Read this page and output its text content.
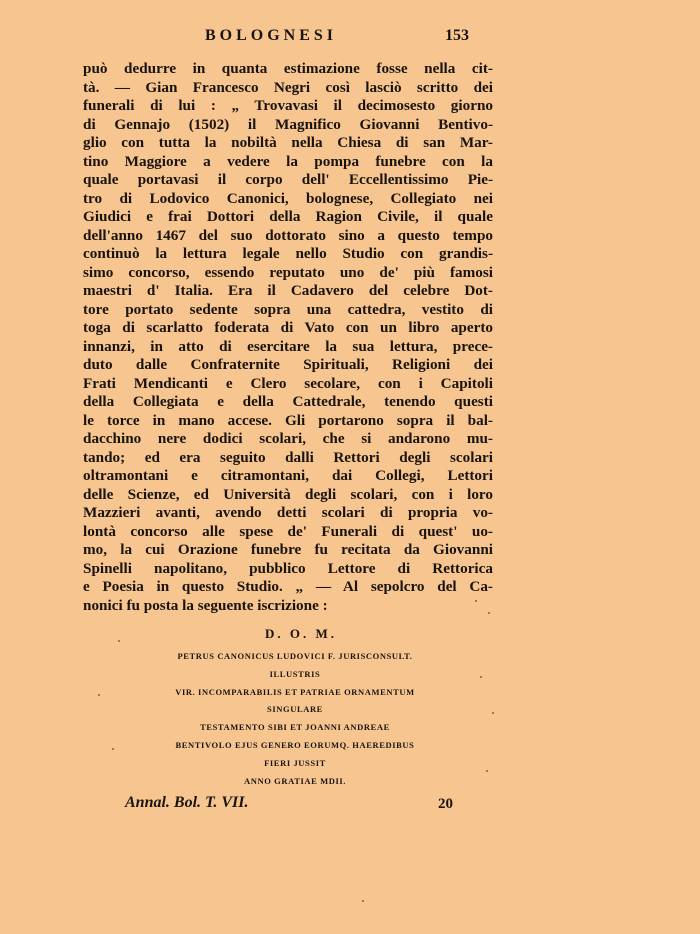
BOLOGNESI	153
può dedurre in quanta estimazione fosse nella cit-
tà. — Gian Francesco Negri così lasciò scritto dei
funerali di lui : „ Trovavasi il decimosesto giorno
di Gennajo (1502) il Magnifico Giovanni Bentivo-
glio con tutta la nobiltà nella Chiesa di san Mar-
tino Maggiore a vedere la pompa funebre con la
quale portavasi il corpo dell' Eccellentissimo Pie-
tro di Lodovico Canonici, bolognese, Collegiato nei
Giudici e frai Dottori della Ragion Civile, il quale
dell'anno 1467 del suo dottorato sino a questo tempo
continuò la lettura legale nello Studio con grandis-
simo concorso, essendo reputato uno de' più famosi
maestri d' Italia. Era il Cadavero del celebre Dot-
tore portato sedente sopra una cattedra, vestito di
toga di scarlatto foderata di Vato con un libro aperto
innanzi, in atto di esercitare la sua lettura, prece-
duto dalle Confraternite Spirituali, Religioni dei
Frati Mendicanti e Clero secolare, con i Capitoli
della Collegiata e della Cattedrale, tenendo questi
le torce in mano accese. Gli portarono sopra il bal-
dacchino nere dodici scolari, che si andarono mu-
tando; ed era seguito dalli Rettori degli scolari
oltramontani e citramontani, dai Collegi, Lettori
delle Scienze, ed Università degli scolari, con i loro
Mazzieri avanti, avendo detti scolari di propria vo-
lontà concorso alle spese de' Funerali di quest' uo-
mo, la cui Orazione funebre fu recitata da Giovanni
Spinelli napolitano, pubblico Lettore di Rettorica
e Poesia in questo Studio. „ — Al sepolcro del Ca-
nonici fu posta la seguente iscrizione :
D. O. M.
PETRUS CANONICUS LUDOVICI F. JURISCONSULT.
ILLUSTRIS
VIR. INCOMPARABILIS ET PATRIAE ORNAMENTUM
SINGULARE
TESTAMENTO SIBI ET JOANNI ANDREAE
BENTIVOLO EJUS GENERO EORUMQ. HAEREDIBUS
FIERI JUSSIT
ANNO GRATIAE MDII.
Annal. Bol. T. VII.	20
